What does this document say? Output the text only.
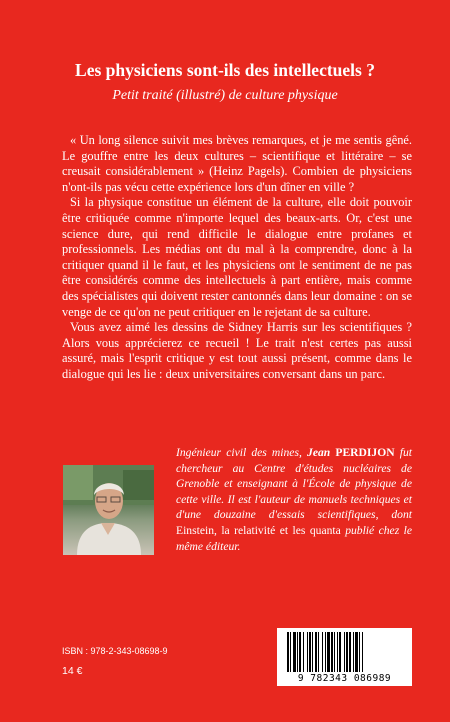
Les physiciens sont-ils des intellectuels ?
Petit traité (illustré) de culture physique

« Un long silence suivit mes brèves remarques, et je me sentis gêné. Le gouffre entre les deux cultures – scientifique et littéraire – se creusait considérablement » (Heinz Pagels). Combien de physiciens n'ont-ils pas vécu cette expérience lors d'un dîner en ville ?

Si la physique constitue un élément de la culture, elle doit pouvoir être critiquée comme n'importe lequel des beaux-arts. Or, c'est une science dure, qui rend difficile le dialogue entre profanes et professionnels. Les médias ont du mal à la comprendre, donc à la critiquer quand il le faut, et les physiciens ont le sentiment de ne pas être considérés comme des intellectuels à part entière, mais comme des spécialistes qui doivent rester cantonnés dans leur domaine : on se venge de ce qu'on ne peut critiquer en le rejetant de sa culture.

Vous avez aimé les dessins de Sidney Harris sur les scientifiques ? Alors vous apprécierez ce recueil ! Le trait n'est certes pas aussi assuré, mais l'esprit critique y est tout aussi présent, comme dans le dialogue qui les lie : deux universitaires conversant dans un parc.

Ingénieur civil des mines, Jean PERDIJON fut chercheur au Centre d'études nucléaires de Grenoble et enseignant à l'École de physique de cette ville. Il est l'auteur de manuels techniques et d'une douzaine d'essais scientifiques, dont Einstein, la relativité et les quanta publié chez le même éditeur.
ISBN : 978-2-343-08698-9
14 €
9 782343 086989
